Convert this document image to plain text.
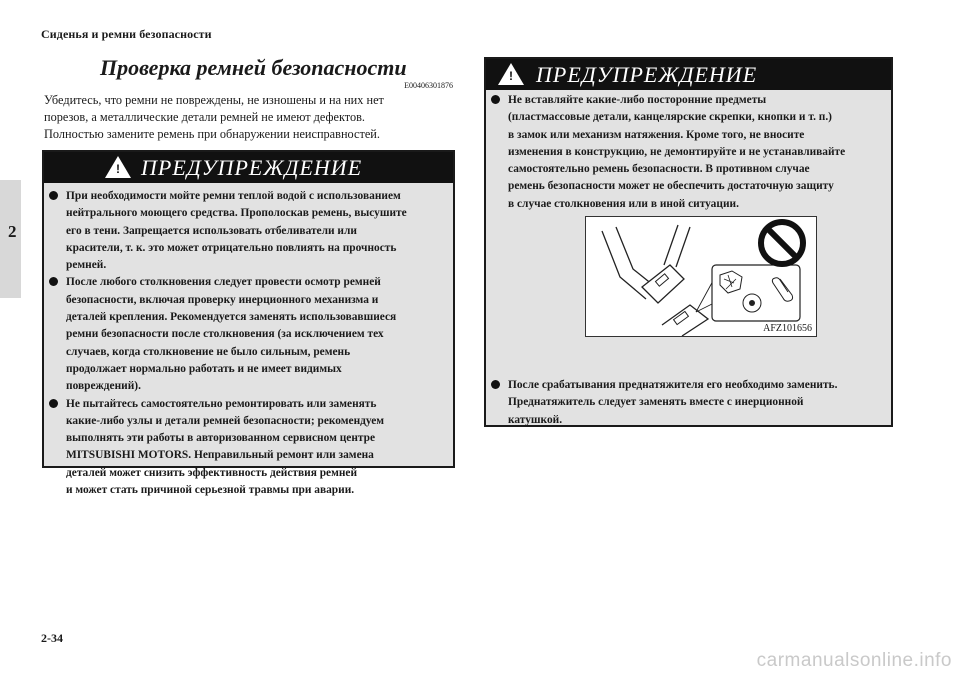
Сиденья и ремни безопасности
2
Проверка ремней безопасности
E00406301876

Убедитесь, что ремни не повреждены, не изношены и на них нет
порезов, а металлические детали ремней не имеют дефектов.
Полностью замените ремень при обнаружении неисправностей.

! ПРЕДУПРЕЖДЕНИЕ
При необходимости мойте ремни теплой водой с использованием
нейтрального моющего средства. Прополоскав ремень, высушите
его в тени. Запрещается использовать отбеливатели или
красители, т. к. это может отрицательно повлиять на прочность
ремней.
После любого столкновения следует провести осмотр ремней
безопасности, включая проверку инерционного механизма и
деталей крепления. Рекомендуется заменять использовавшиеся
ремни безопасности после столкновения (за исключением тех
случаев, когда столкновение не было сильным, ремень
продолжает нормально работать и не имеет видимых
повреждений).
Не пытайтесь самостоятельно ремонтировать или заменять
какие-либо узлы и детали ремней безопасности; рекомендуем
выполнять эти работы в авторизованном сервисном центре
MITSUBISHI MOTORS. Неправильный ремонт или замена
деталей может снизить эффективность действия ремней
и может стать причиной серьезной травмы при аварии.
!	ПРЕДУПРЕЖДЕНИЕ
Не вставляйте какие-либо посторонние предметы
(пластмассовые детали, канцелярские скрепки, кнопки и т. п.)
в замок или механизм натяжения. Кроме того, не вносите
изменения в конструкцию, не демонтируйте и не устанавливайте
самостоятельно ремень безопасности. В противном случае
ремень безопасности может не обеспечить достаточную защиту
в случае столкновения или в иной ситуации.
AFZ101656
После срабатывания преднатяжителя его необходимо заменить.
Преднатяжитель следует заменять вместе с инерционной
катушкой.
2-34
carmanualsonline.info
